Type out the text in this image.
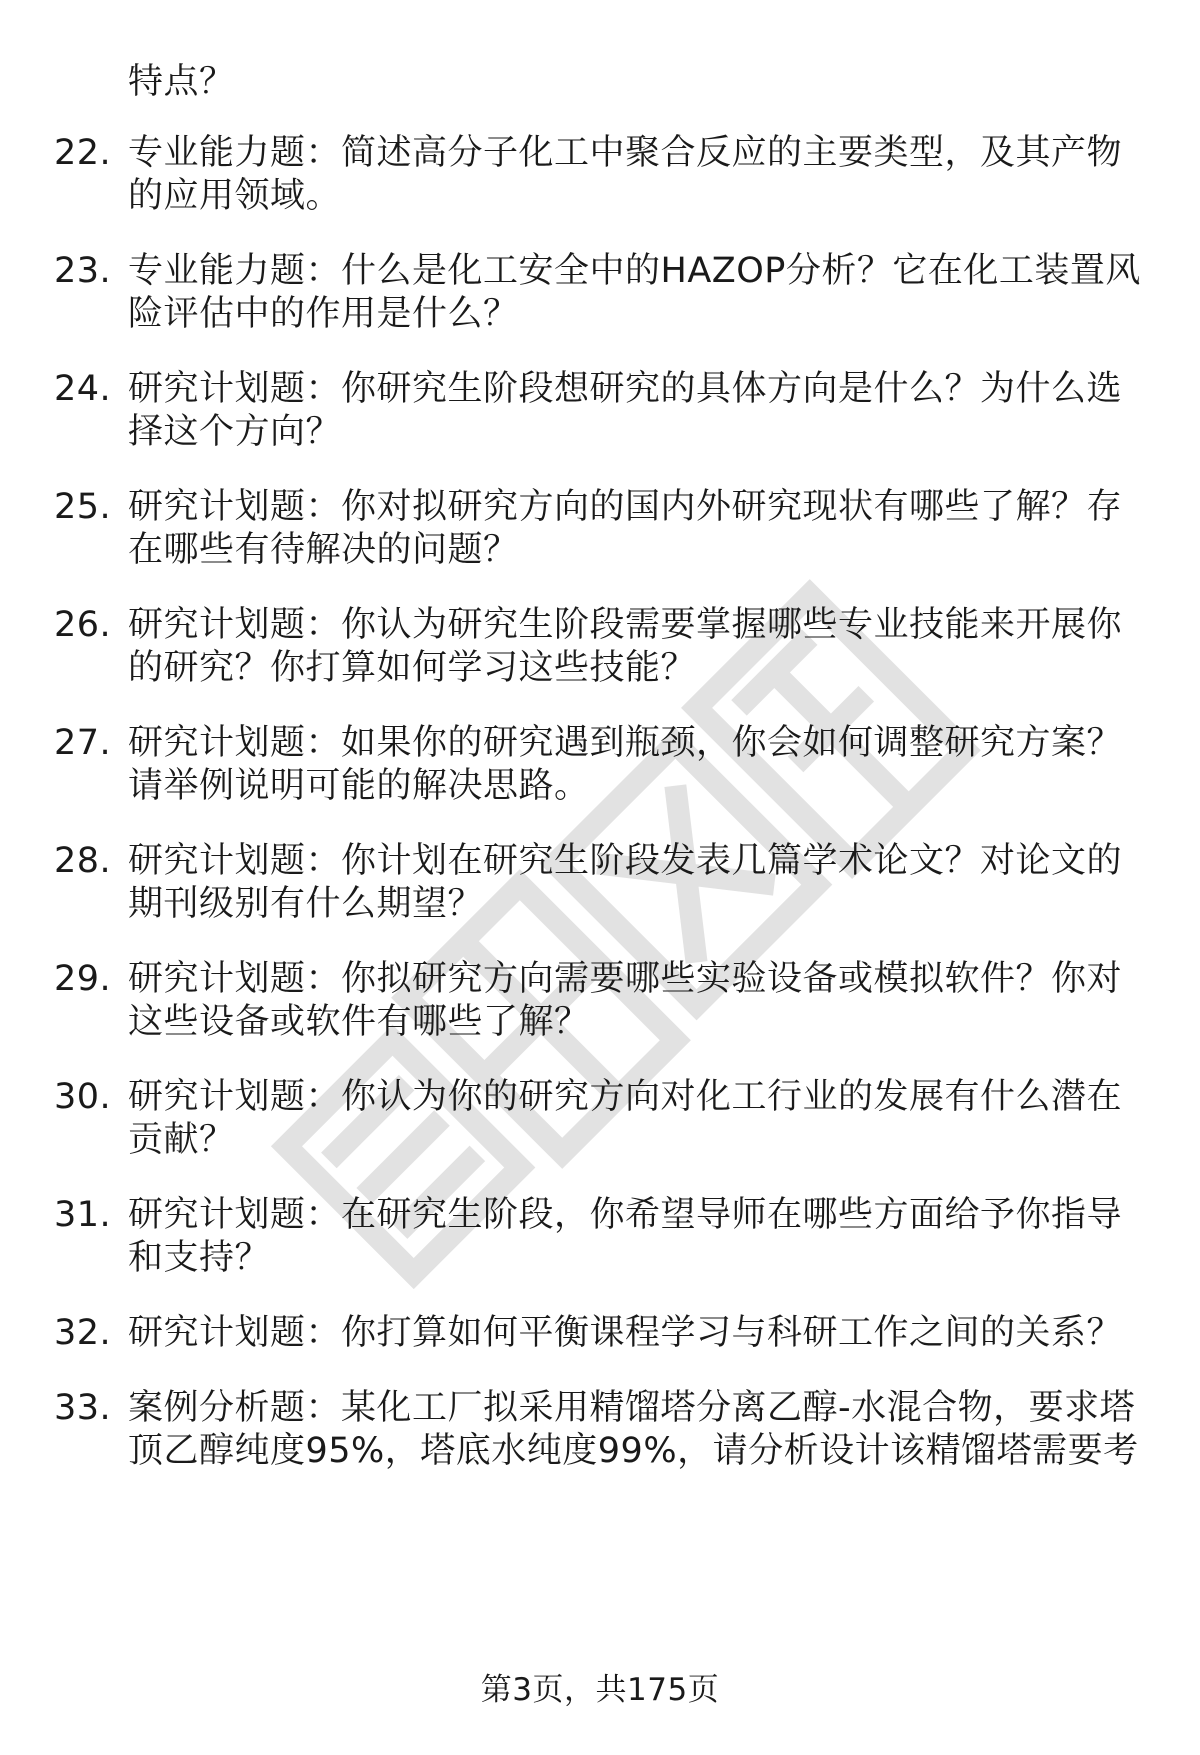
特点？
22. 专业能力题：简述高分子化工中聚合反应的主要类型，及其产物
的应用领域。
23. 专业能力题：什么是化工安全中的HAZOP分析？它在化工装置风
险评估中的作用是什么？
24. 研究计划题：你研究生阶段想研究的具体方向是什么？为什么选
择这个方向？
25. 研究计划题：你对拟研究方向的国内外研究现状有哪些了解？存
在哪些有待解决的问题？
26. 研究计划题：你认为研究生阶段需要掌握哪些专业技能来开展你
的研究？你打算如何学习这些技能？
27. 研究计划题：如果你的研究遇到瓶颈，你会如何调整研究方案？
请举例说明可能的解决思路。
28. 研究计划题：你计划在研究生阶段发表几篇学术论文？对论文的
期刊级别有什么期望？
29. 研究计划题：你拟研究方向需要哪些实验设备或模拟软件？你对
这些设备或软件有哪些了解？
30. 研究计划题：你认为你的研究方向对化工行业的发展有什么潜在
贡献？
31. 研究计划题：在研究生阶段，你希望导师在哪些方面给予你指导
和支持？
32. 研究计划题：你打算如何平衡课程学习与科研工作之间的关系？
33. 案例分析题：某化工厂拟采用精馏塔分离乙醇-水混合物，要求塔
顶乙醇纯度95%，塔底水纯度99%，请分析设计该精馏塔需要考
第3页，共175页
